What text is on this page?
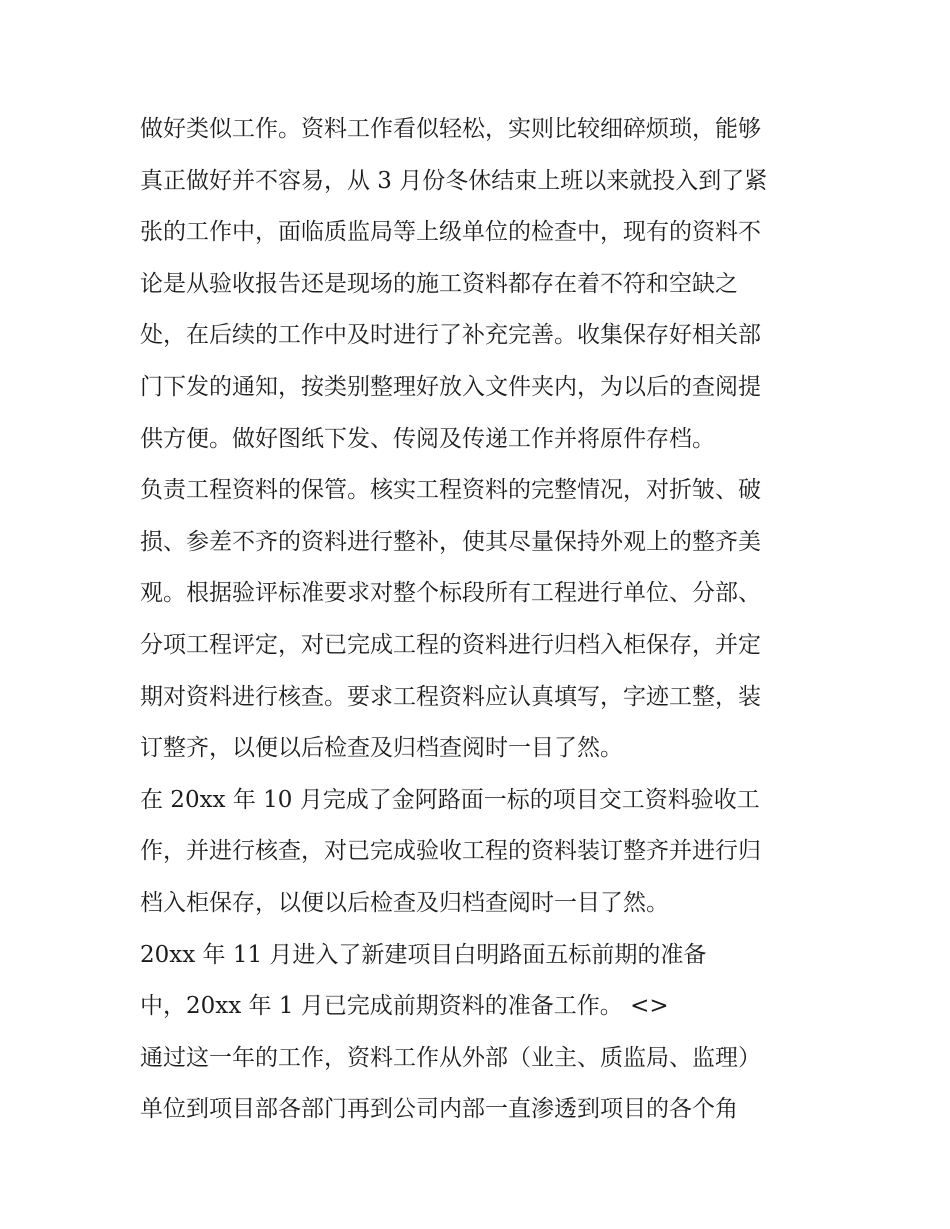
做好类似工作。资料工作看似轻松，实则比较细碎烦琐，能够
真正做好并不容易，从 3 月份冬休结束上班以来就投入到了紧
张的工作中，面临质监局等上级单位的检查中，现有的资料不
论是从验收报告还是现场的施工资料都存在着不符和空缺之
处，在后续的工作中及时进行了补充完善。收集保存好相关部
门下发的通知，按类别整理好放入文件夹内，为以后的查阅提
供方便。做好图纸下发、传阅及传递工作并将原件存档。
负责工程资料的保管。核实工程资料的完整情况，对折皱、破
损、参差不齐的资料进行整补，使其尽量保持外观上的整齐美
观。根据验评标准要求对整个标段所有工程进行单位、分部、
分项工程评定，对已完成工程的资料进行归档入柜保存，并定
期对资料进行核查。要求工程资料应认真填写，字迹工整，装
订整齐，以便以后检查及归档查阅时一目了然。
在 20xx 年 10 月完成了金阿路面一标的项目交工资料验收工
作，并进行核查，对已完成验收工程的资料装订整齐并进行归
档入柜保存，以便以后检查及归档查阅时一目了然。
20xx 年 11 月进入了新建项目白明路面五标前期的准备
中，20xx 年 1 月已完成前期资料的准备工作。 <>
通过这一年的工作，资料工作从外部（业主、质监局、监理）
单位到项目部各部门再到公司内部一直渗透到项目的各个角
